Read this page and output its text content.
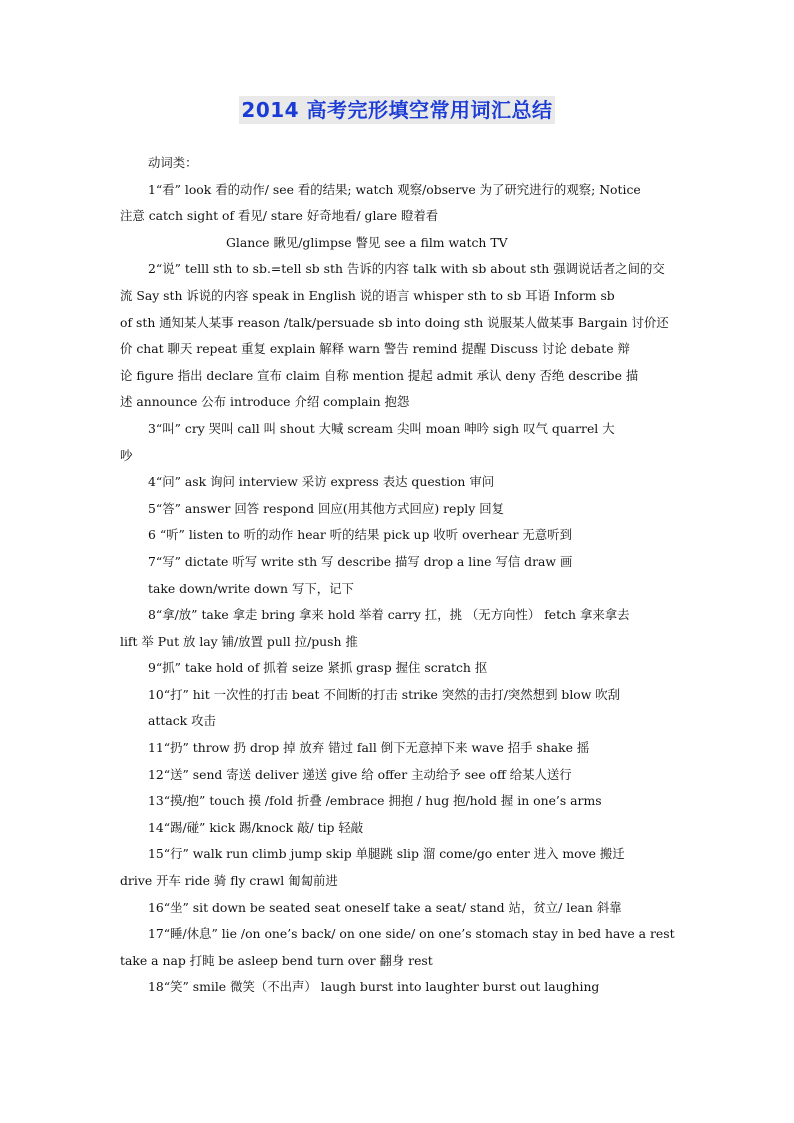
2014 高考完形填空常用词汇总结
动词类：
1“看” look 看的动作/ see 看的结果; watch 观察/observe 为了研究进行的观察; Notice
注意 catch sight of 看见/ stare 好奇地看/ glare 瞪着看
Glance 瞅见/glimpse 瞥见 see a film watch TV
2“说” telll sth to sb.=tell sb sth 告诉的内容 talk with sb about sth 强调说话者之间的交
流 Say sth 诉说的内容 speak in English 说的语言 whisper sth to sb 耳语 Inform sb
of sth 通知某人某事 reason /talk/persuade sb into doing sth 说服某人做某事 Bargain 讨价还
价 chat 聊天 repeat 重复 explain 解释 warn 警告 remind 提醒 Discuss 讨论 debate 辩
论 figure 指出 declare 宣布 claim 自称 mention 提起 admit 承认 deny 否绝 describe 描
述 announce 公布 introduce 介绍 complain 抱怨
3“叫” cry 哭叫 call 叫 shout 大喊 scream 尖叫 moan 呻吟 sigh 叹气 quarrel 大
吵
4“问” ask 询问 interview 采访 express 表达 question 审问
5“答” answer 回答 respond 回应(用其他方式回应) reply 回复
6 “听” listen to 听的动作 hear 听的结果 pick up 收听 overhear 无意听到
7“写” dictate 听写 write sth 写 describe 描写 drop a line 写信 draw 画
take down/write down 写下，记下
8“拿/放” take 拿走 bring 拿来 hold 举着 carry 扛，挑 （无方向性） fetch 拿来拿去
lift 举 Put 放 lay 铺/放置 pull 拉/push 推
9“抓” take hold of 抓着 seize 紧抓 grasp 握住 scratch 抠
10“打” hit 一次性的打击 beat 不间断的打击 strike 突然的击打/突然想到 blow 吹刮
attack 攻击
11“扔” throw 扔 drop 掉 放弃 错过 fall 倒下无意掉下来 wave 招手 shake 摇
12“送” send 寄送 deliver 递送 give 给 offer 主动给予 see off 给某人送行
13“摸/抱” touch 摸 /fold 折叠 /embrace 拥抱 / hug 抱/hold 握 in one’s arms
14“踢/碰” kick 踢/knock 敲/ tip 轻敲
15“行” walk run climb jump skip 单腿跳 slip 溜 come/go enter 进入 move 搬迁
drive 开车 ride 骑 fly crawl 匍匐前进
16“坐” sit down be seated seat oneself take a seat/ stand 站，贫立/ lean 斜靠
17“睡/休息” lie /on one’s back/ on one side/ on one’s stomach stay in bed have a rest
take a nap 打盹 be asleep bend turn over 翻身 rest
18“笑” smile 微笑（不出声） laugh burst into laughter burst out laughing
